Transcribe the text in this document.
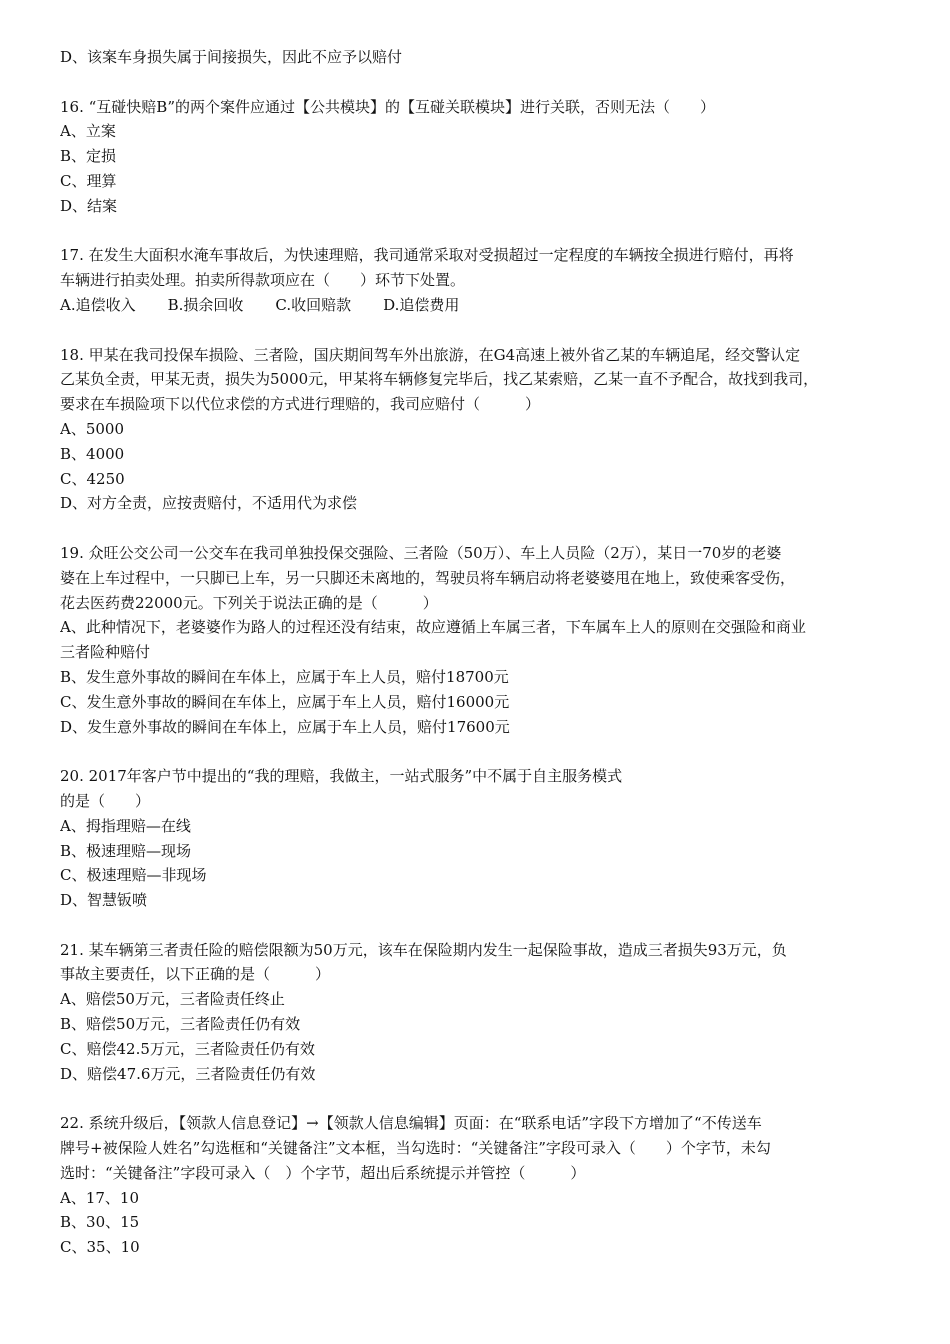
D、该案车身损失属于间接损失，因此不应予以赔付
16. “互碰快赔B”的两个案件应通过【公共模块】的【互碰关联模块】进行关联，否则无法（　　）
A、立案
B、定损
C、理算
D、结案
17. 在发生大面积水淹车事故后，为快速理赔，我司通常采取对受损超过一定程度的车辆按全损进行赔付，再将
车辆进行拍卖处理。拍卖所得款项应在（　　）环节下处置。
A.追偿收入 B.损余回收 C.收回赔款 D.追偿费用
18. 甲某在我司投保车损险、三者险，国庆期间驾车外出旅游，在G4高速上被外省乙某的车辆追尾，经交警认定
乙某负全责，甲某无责，损失为5000元，甲某将车辆修复完毕后，找乙某索赔，乙某一直不予配合，故找到我司，
要求在车损险项下以代位求偿的方式进行理赔的，我司应赔付（　　　）
A、5000
B、4000
C、4250
D、对方全责，应按责赔付，不适用代为求偿
19. 众旺公交公司一公交车在我司单独投保交强险、三者险（50万）、车上人员险（2万），某日一70岁的老婆
婆在上车过程中，一只脚已上车，另一只脚还未离地的，驾驶员将车辆启动将老婆婆甩在地上，致使乘客受伤，
花去医药费22000元。下列关于说法正确的是（　　　）
A、此种情况下，老婆婆作为路人的过程还没有结束，故应遵循上车属三者，下车属车上人的原则在交强险和商业
三者险种赔付
B、发生意外事故的瞬间在车体上，应属于车上人员，赔付18700元
C、发生意外事故的瞬间在车体上，应属于车上人员，赔付16000元
D、发生意外事故的瞬间在车体上，应属于车上人员，赔付17600元
20. 2017年客户节中提出的“我的理赔，我做主，一站式服务”中不属于自主服务模式
的是（　　）
A、拇指理赔—在线
B、极速理赔—现场
C、极速理赔—非现场
D、智慧钣喷
21. 某车辆第三者责任险的赔偿限额为50万元，该车在保险期内发生一起保险事故，造成三者损失93万元，负
事故主要责任，以下正确的是（　　　）
A、赔偿50万元，三者险责任终止
B、赔偿50万元，三者险责任仍有效
C、赔偿42.5万元，三者险责任仍有效
D、赔偿47.6万元，三者险责任仍有效
22. 系统升级后，【领款人信息登记】→【领款人信息编辑】页面：在“联系电话”字段下方增加了“不传送车
牌号+被保险人姓名”勾选框和“关键备注”文本框，当勾选时：“关键备注”字段可录入（　　）个字节，未勾
选时：“关键备注”字段可录入（　）个字节，超出后系统提示并管控（　　　）
A、17、10
B、30、15
C、35、10
